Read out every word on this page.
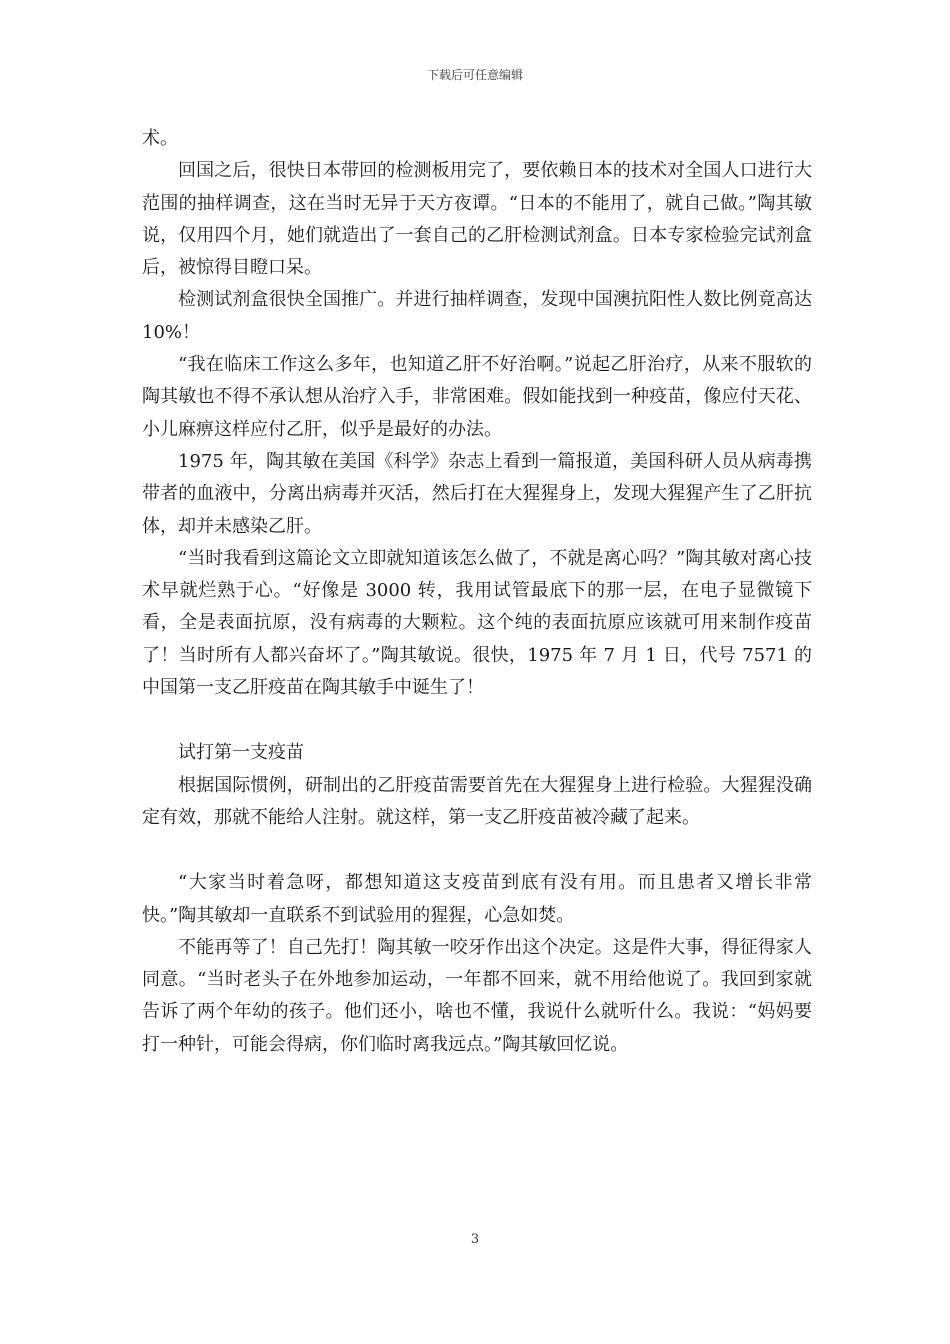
下载后可任意编辑

术。

回国之后，很快日本带回的检测板用完了，要依赖日本的技术对全国人口进行大范围的抽样调查，这在当时无异于天方夜谭。“日本的不能用了，就自己做。”陶其敏说，仅用四个月，她们就造出了一套自己的乙肝检测试剂盒。日本专家检验完试剂盒后，被惊得目瞪口呆。

检测试剂盒很快全国推广。并进行抽样调查，发现中国澳抗阳性人数比例竟高达 10%！

“我在临床工作这么多年，也知道乙肝不好治啊。”说起乙肝治疗，从来不服软的陶其敏也不得不承认想从治疗入手，非常困难。假如能找到一种疫苗，像应付天花、小儿麻痹这样应付乙肝，似乎是最好的办法。

1975 年，陶其敏在美国《科学》杂志上看到一篇报道，美国科研人员从病毒携带者的血液中，分离出病毒并灭活，然后打在大猩猩身上，发现大猩猩产生了乙肝抗体，却并未感染乙肝。

“当时我看到这篇论文立即就知道该怎么做了，不就是离心吗？”陶其敏对离心技术早就烂熟于心。“好像是 3000 转，我用试管最底下的那一层，在电子显微镜下看，全是表面抗原，没有病毒的大颗粒。这个纯的表面抗原应该就可用来制作疫苗了！当时所有人都兴奋坏了。”陶其敏说。很快，1975 年 7 月 1 日，代号 7571 的中国第一支乙肝疫苗在陶其敏手中诞生了！

试打第一支疫苗

根据国际惯例，研制出的乙肝疫苗需要首先在大猩猩身上进行检验。大猩猩没确定有效，那就不能给人注射。就这样，第一支乙肝疫苗被冷藏了起来。

“大家当时着急呀，都想知道这支疫苗到底有没有用。而且患者又增长非常快。”陶其敏却一直联系不到试验用的猩猩，心急如焚。

不能再等了！自己先打！陶其敏一咬牙作出这个决定。这是件大事，得征得家人同意。“当时老头子在外地参加运动，一年都不回来，就不用给他说了。我回到家就告诉了两个年幼的孩子。他们还小，啥也不懂，我说什么就听什么。我说：“妈妈要打一种针，可能会得病，你们临时离我远点。”陶其敏回忆说。

3
